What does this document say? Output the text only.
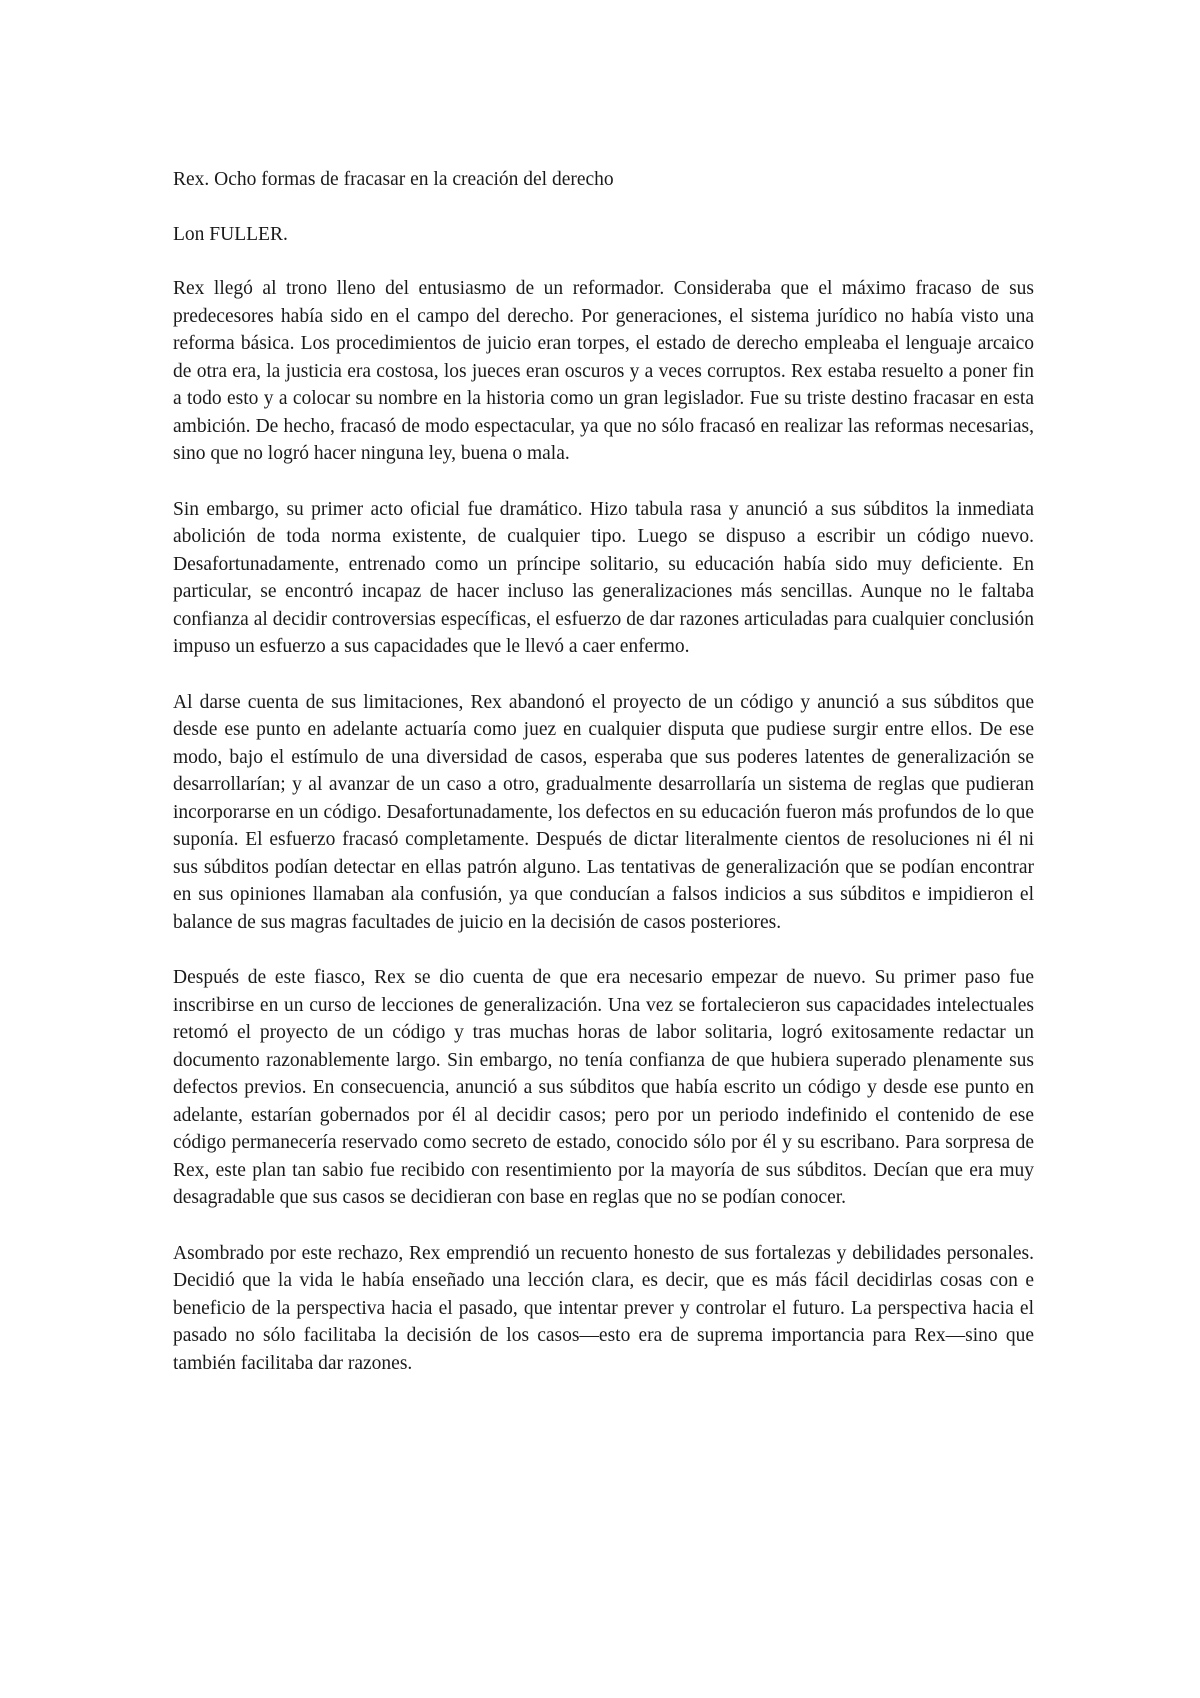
Rex. Ocho formas de fracasar en la creación del derecho

Lon FULLER.

Rex llegó al trono lleno del entusiasmo de un reformador. Consideraba que el máximo fracaso de sus predecesores había sido en el campo del derecho. Por generaciones, el sistema jurídico no había visto una reforma básica. Los procedimientos de juicio eran torpes, el estado de derecho empleaba el lenguaje arcaico de otra era, la justicia era costosa, los jueces eran oscuros y a veces corruptos. Rex estaba resuelto a poner fin a todo esto y a colocar su nombre en la historia como un gran legislador. Fue su triste destino fracasar en esta ambición. De hecho, fracasó de modo espectacular, ya que no sólo fracasó en realizar las reformas necesarias, sino que no logró hacer ninguna ley, buena o mala.

Sin embargo, su primer acto oficial fue dramático. Hizo tabula rasa y anunció a sus súbditos la inmediata abolición de toda norma existente, de cualquier tipo. Luego se dispuso a escribir un código nuevo. Desafortunadamente, entrenado como un príncipe solitario, su educación había sido muy deficiente. En particular, se encontró incapaz de hacer incluso las generalizaciones más sencillas. Aunque no le faltaba confianza al decidir controversias específicas, el esfuerzo de dar razones articuladas para cualquier conclusión impuso un esfuerzo a sus capacidades que le llevó a caer enfermo.

Al darse cuenta de sus limitaciones, Rex abandonó el proyecto de un código y anunció a sus súbditos que desde ese punto en adelante actuaría como juez en cualquier disputa que pudiese surgir entre ellos. De ese modo, bajo el estímulo de una diversidad de casos, esperaba que sus poderes latentes de generalización se desarrollarían; y al avanzar de un caso a otro, gradualmente desarrollaría un sistema de reglas que pudieran incorporarse en un código. Desafortunadamente, los defectos en su educación fueron más profundos de lo que suponía. El esfuerzo fracasó completamente. Después de dictar literalmente cientos de resoluciones ni él ni sus súbditos podían detectar en ellas patrón alguno. Las tentativas de generalización que se podían encontrar en sus opiniones llamaban ala confusión, ya que conducían a falsos indicios a sus súbditos e impidieron el balance de sus magras facultades de juicio en la decisión de casos posteriores.

Después de este fiasco, Rex se dio cuenta de que era necesario empezar de nuevo. Su primer paso fue inscribirse en un curso de lecciones de generalización. Una vez se fortalecieron sus capacidades intelectuales retomó el proyecto de un código y tras muchas horas de labor solitaria, logró exitosamente redactar un documento razonablemente largo. Sin embargo, no tenía confianza de que hubiera superado plenamente sus defectos previos. En consecuencia, anunció a sus súbditos que había escrito un código y desde ese punto en adelante, estarían gobernados por él al decidir casos; pero por un periodo indefinido el contenido de ese código permanecería reservado como secreto de estado, conocido sólo por él y su escribano. Para sorpresa de Rex, este plan tan sabio fue recibido con resentimiento por la mayoría de sus súbditos. Decían que era muy desagradable que sus casos se decidieran con base en reglas que no se podían conocer.

Asombrado por este rechazo, Rex emprendió un recuento honesto de sus fortalezas y debilidades personales. Decidió que la vida le había enseñado una lección clara, es decir, que es más fácil decidirlas cosas con e beneficio de la perspectiva hacia el pasado, que intentar prever y controlar el futuro. La perspectiva hacia el pasado no sólo facilitaba la decisión de los casos—esto era de suprema importancia para Rex—sino que también facilitaba dar razones.
